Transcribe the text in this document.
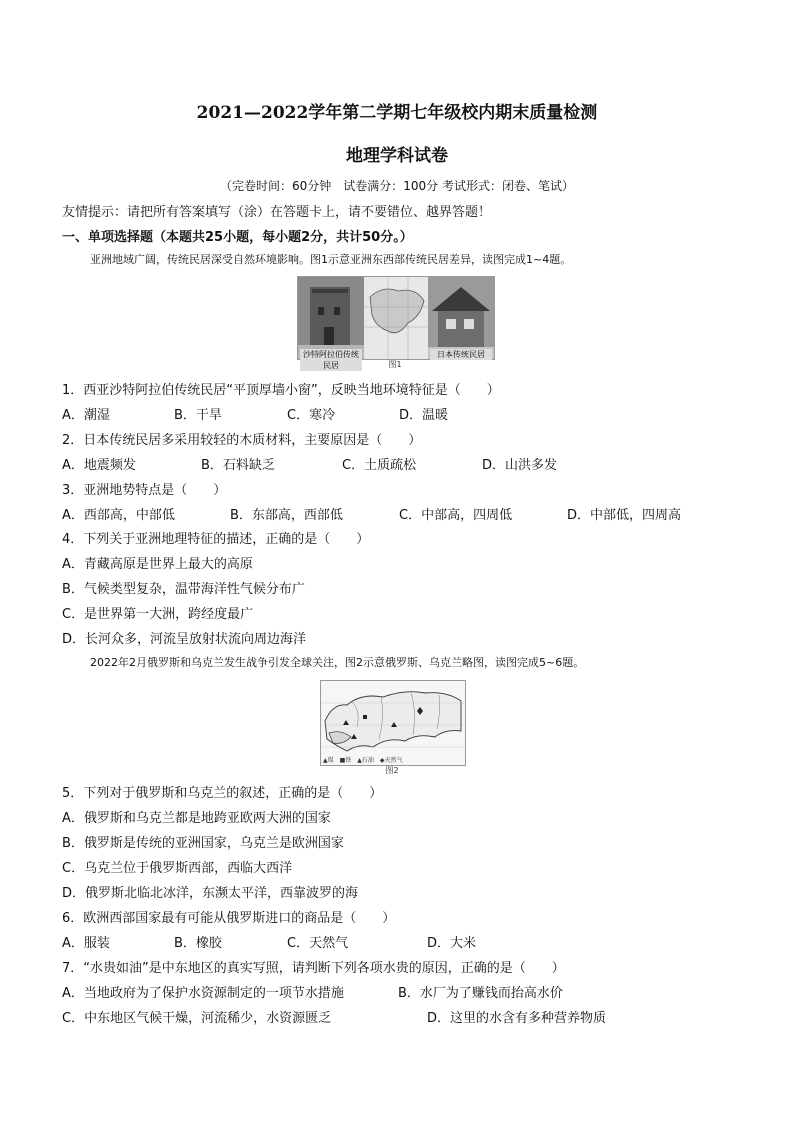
2021—2022学年第二学期七年级校内期末质量检测
地理学科试卷
（完卷时间：60分钟　试卷满分：100分 考试形式：闭卷、笔试）
友情提示：请把所有答案填写（涂）在答题卡上，请不要错位、越界答题！
一、单项选择题（本题共25小题，每小题2分，共计50分。）
亚洲地域广阔，传统民居深受自然环境影响。图1示意亚洲东西部传统民居差异，读图完成1~4题。
沙特阿拉伯传统民居
日本传统民居
图1
1．西亚沙特阿拉伯传统民居“平顶厚墙小窗”，反映当地环境特征是（　　）
A．潮湿	B．干旱	C．寒冷	D．温暖
2．日本传统民居多采用较轻的木质材料，主要原因是（　　）
A．地震频发	B．石料缺乏	C．土质疏松	D．山洪多发
3．亚洲地势特点是（　　）
A．西部高，中部低	B．东部高，西部低	C．中部高，四周低	D．中部低，四周高
4．下列关于亚洲地理特征的描述，正确的是（　　）
A．青藏高原是世界上最大的高原
B．气候类型复杂，温带海洋性气候分布广
C．是世界第一大洲，跨经度最广
D．长河众多，河流呈放射状流向周边海洋
2022年2月俄罗斯和乌克兰发生战争引发全球关注，图2示意俄罗斯、乌克兰略图，读图完成5~6题。
▲煤　■铁　▲石油　◆天然气
图2
5．下列对于俄罗斯和乌克兰的叙述，正确的是（　　）
A．俄罗斯和乌克兰都是地跨亚欧两大洲的国家
B．俄罗斯是传统的亚洲国家，乌克兰是欧洲国家
C．乌克兰位于俄罗斯西部，西临大西洋
D．俄罗斯北临北冰洋，东濒太平洋，西靠波罗的海
6．欧洲西部国家最有可能从俄罗斯进口的商品是（　　）
A．服装	B．橡胶	C．天然气	D．大米
7．“水贵如油”是中东地区的真实写照，请判断下列各项水贵的原因，正确的是（　　）
A．当地政府为了保护水资源制定的一项节水措施	B．水厂为了赚钱而抬高水价
C．中东地区气候干燥，河流稀少，水资源匮乏	D．这里的水含有多种营养物质
